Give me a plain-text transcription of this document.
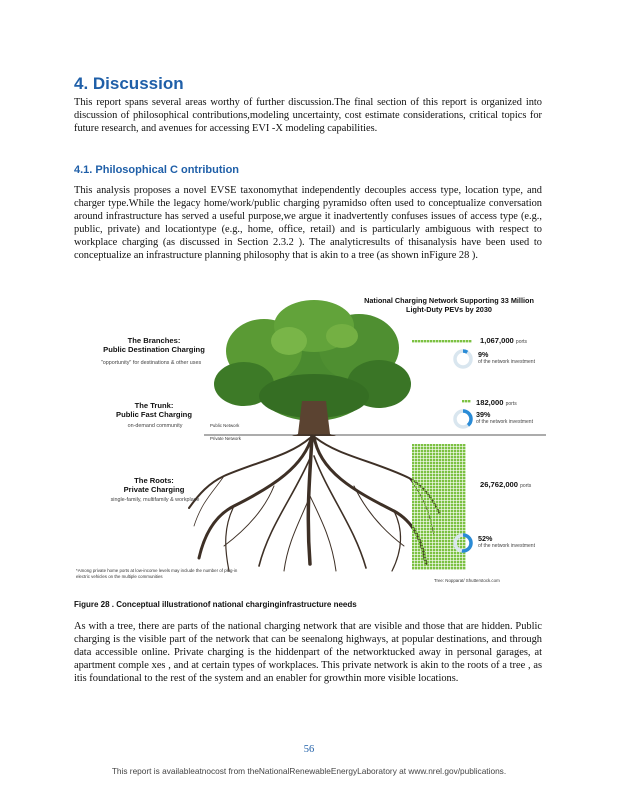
4. Discussion
This report spans several areas worthy of further discussion.The final section of this report is organized into discussion of philosophical contributions,modeling uncertainty, cost estimate considerations, critical topics for future research, and avenues for accessing EVI -X modeling capabilities.
4.1. Philosophical C ontribution
This analysis proposes a novel EVSE taxonomythat independently decouples access type, location type, and charger type.While the legacy home/work/public charging pyramidso often used to conceptualize conversation around infrastructure has served a useful purpose,we argue it inadvertently confuses issues of access type (e.g., public, private) and locationtype (e.g., home, office, retail) and is particularly ambiguous with respect to workplace charging (as discussed in Section 2.3.2 ). The analyticresults of thisanalysis have been used to conceptualize an infrastructure planning philosophy that is akin to a tree (as shown inFigure 28 ).
National Charging Network Supporting 33 Million Light-Duty PEVs by 2030
The Branches:
Public Destination Charging
"opportunity" for destinations & other uses
The Trunk:
Public Fast Charging
on-demand community	Public Network
Private Network
The Roots:
Private Charging
single-family, multifamily & workplace
1,067,000 ports
9%
of the network investment
182,000 ports
39%
of the network investment
26,762,000 ports
52%
of the network investment
*Among private home ports at low-income levels may include the number of plug-in electric vehicles on the multiple communities
Tree: Nopparat/ Shutterstock.com
Figure 28 . Conceptual illustrationof national charginginfrastructure needs
As with a tree, there are parts of the national charging network that are visible and those that are hidden. Public charging is the visible part of the network that can be seenalong highways, at popular destinations, and through data accessible online. Private charging is the hiddenpart of the networktucked away in personal garages, at apartment comple xes , and at certain types of workplaces. This private network is akin to the roots of a tree , as itis foundational to the rest of the system and an enabler for growthin more visible locations.
56
This report is availableatnocost from theNationalRenewableEnergyLaboratory at www.nrel.gov/publications.
